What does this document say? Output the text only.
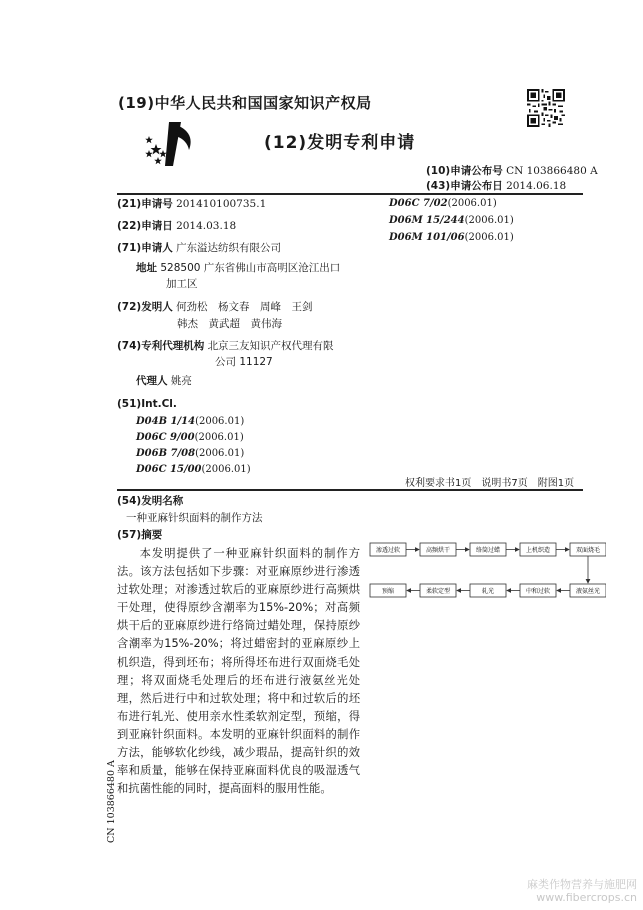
(19)中华人民共和国国家知识产权局
(12)发明专利申请
(10)申请公布号 CN 103866480 A
(43)申请公布日 2014.06.18
(21)申请号 201410100735.1
(22)申请日 2014.03.18
(71)申请人 广东溢达纺织有限公司
地址 528500 广东省佛山市高明区沧江出口
加工区
(72)发明人 何劲松　杨文春　周峰　王剑
韩杰　黄武超　黄伟海
(74)专利代理机构 北京三友知识产权代理有限
公司 11127
代理人 姚亮
(51)Int.Cl.
D04B 1/14(2006.01)
D06C 9/00(2006.01)
D06B 7/08(2006.01)
D06C 15/00(2006.01)
D06C 7/02(2006.01)
D06M 15/244(2006.01)
D06M 101/06(2006.01)
权利要求书1页　说明书7页　附图1页
(54)发明名称
一种亚麻针织面料的制作方法
(57)摘要

本发明提供了一种亚麻针织面料的制作方法。该方法包括如下步骤：对亚麻原纱进行渗透过软处理；对渗透过软后的亚麻原纱进行高频烘干处理，使得原纱含潮率为15%-20%；对高频烘干后的亚麻原纱进行络筒过蜡处理，保持原纱含潮率为15%-20%；将过蜡密封的亚麻原纱上机织造，得到坯布；将所得坯布进行双面烧毛处理；将双面烧毛处理后的坯布进行液氨丝光处理，然后进行中和过软处理；将中和过软后的坯布进行轧光、使用亲水性柔软剂定型，预缩，得到亚麻针织面料。本发明的亚麻针织面料的制作方法，能够软化纱线，减少瑕品，提高针织的效率和质量，能够在保持亚麻面料优良的吸湿透气和抗菌性能的同时，提高面料的服用性能。

渗透过软	高频烘干	络筒过蜡	上机织造	双面烧毛
预缩	柔软定型	轧光	中和过软	液氨丝光
CN 103866480 A
麻类作物营养与施肥网
www.fibercrops.cn
